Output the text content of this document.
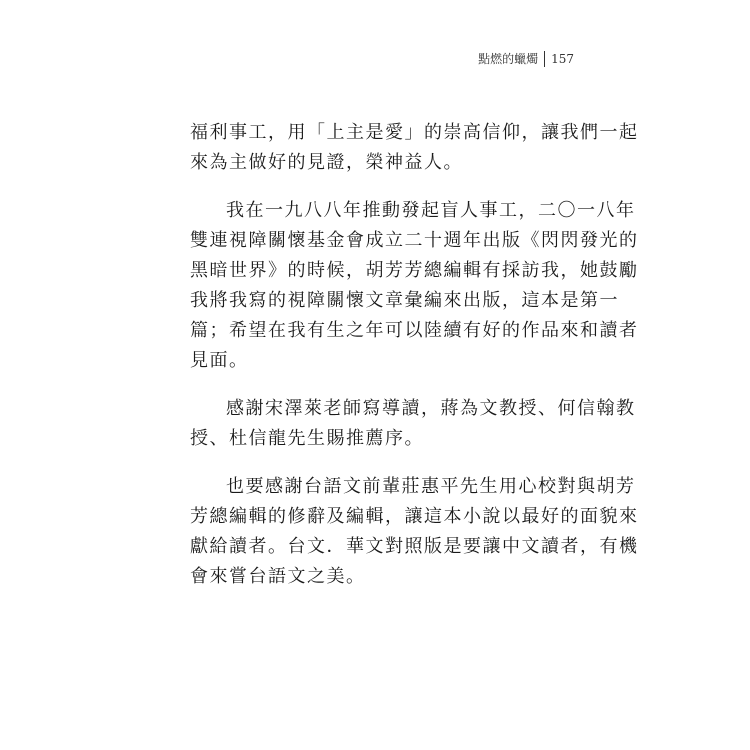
點燃的蠟燭 157

福利事工，用「上主是愛」的崇高信仰，讓我們一起
來為主做好的見證，榮神益人。

我在一九八八年推動發起盲人事工，二〇一八年
雙連視障關懷基金會成立二十週年出版《閃閃發光的
黑暗世界》的時候，胡芳芳總編輯有採訪我，她鼓勵
我將我寫的視障關懷文章彙編來出版，這本是第一
篇；希望在我有生之年可以陸續有好的作品來和讀者
見面。

感謝宋澤萊老師寫導讀，蔣為文教授、何信翰教
授、杜信龍先生賜推薦序。

也要感謝台語文前輩莊惠平先生用心校對與胡芳
芳總編輯的修辭及編輯，讓這本小說以最好的面貌來
獻給讀者。台文．華文對照版是要讓中文讀者，有機
會來嘗台語文之美。
